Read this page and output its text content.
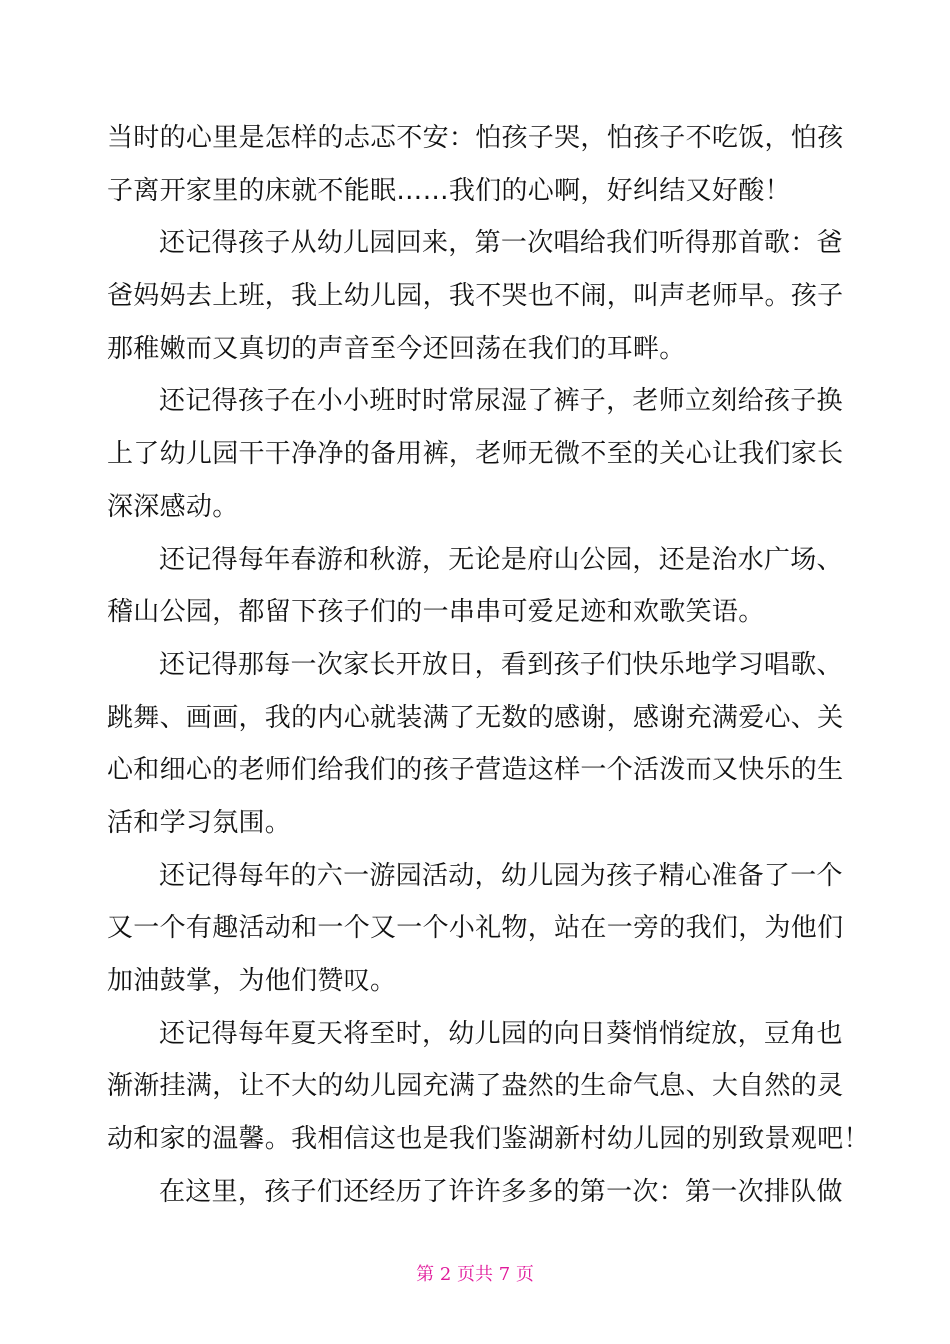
当时的心里是怎样的忐忑不安：怕孩子哭，怕孩子不吃饭，怕孩
子离开家里的床就不能眠……我们的心啊，好纠结又好酸！
还记得孩子从幼儿园回来，第一次唱给我们听得那首歌：爸
爸妈妈去上班，我上幼儿园，我不哭也不闹，叫声老师早。孩子
那稚嫩而又真切的声音至今还回荡在我们的耳畔。
还记得孩子在小小班时时常尿湿了裤子，老师立刻给孩子换
上了幼儿园干干净净的备用裤，老师无微不至的关心让我们家长
深深感动。
还记得每年春游和秋游，无论是府山公园，还是治水广场、
稽山公园，都留下孩子们的一串串可爱足迹和欢歌笑语。
还记得那每一次家长开放日，看到孩子们快乐地学习唱歌、
跳舞、画画，我的内心就装满了无数的感谢，感谢充满爱心、关
心和细心的老师们给我们的孩子营造这样一个活泼而又快乐的生
活和学习氛围。
还记得每年的六一游园活动，幼儿园为孩子精心准备了一个
又一个有趣活动和一个又一个小礼物，站在一旁的我们，为他们
加油鼓掌，为他们赞叹。
还记得每年夏天将至时，幼儿园的向日葵悄悄绽放，豆角也
渐渐挂满，让不大的幼儿园充满了盎然的生命气息、大自然的灵
动和家的温馨。我相信这也是我们鉴湖新村幼儿园的别致景观吧！
在这里，孩子们还经历了许许多多的第一次：第一次排队做
第 2 页共 7 页
